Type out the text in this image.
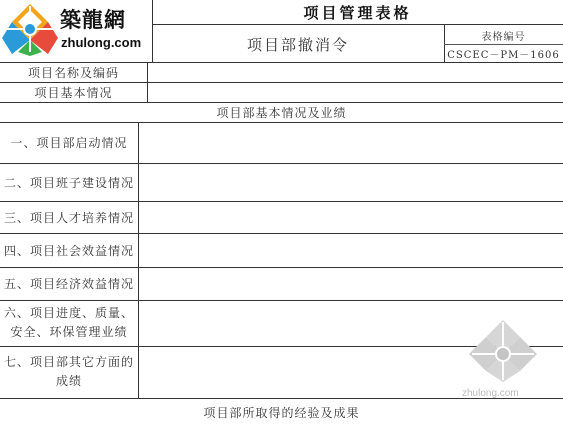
築龍網
zhulong.com
项目管理表格
项目部撤消令	表格编号
CSCEC－PM－1606
项目名称及编码
项目基本情况
项目部基本情况及业绩
一、项目部启动情况
二、项目班子建设情况
三、项目人才培养情况
四、项目社会效益情况
五、项目经济效益情况
六、项目进度、质量、
安全、环保管理业绩
七、项目部其它方面的
成绩
项目部所取得的经验及成果
zhulong.com
